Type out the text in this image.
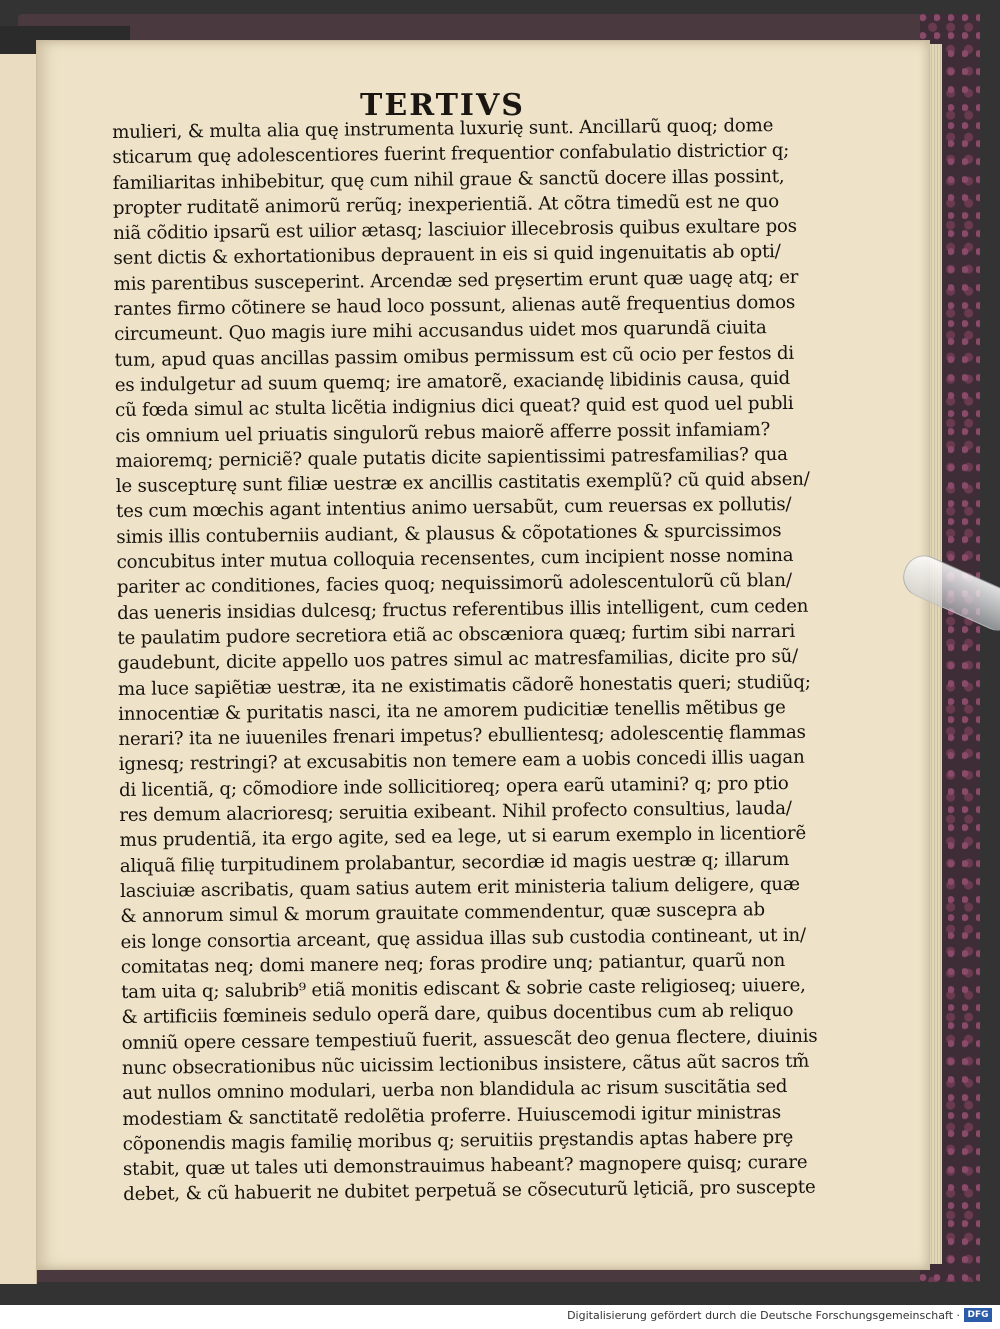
TERTIVS
mulieri, & multa alia quę instrumenta luxurię sunt. Ancillarũ quoq; dome
sticarum quę adolescentiores fuerint frequentior confabulatio districtior q;
familiaritas inhibebitur, quę cum nihil graue & sanctũ docere illas possint,
propter ruditatẽ animorũ rerũq; inexperientiã. At cõtra timedũ est ne quo
niã cõditio ipsarũ est uilior ætasq; lasciuior illecebrosis quibus exultare pos
sent dictis & exhortationibus deprauent in eis si quid ingenuitatis ab opti/
mis parentibus susceperint. Arcendæ sed prȩsertim erunt quæ uagę atq; er
rantes firmo cõtinere se haud loco possunt, alienas autẽ frequentius domos
circumeunt. Quo magis iure mihi accusandus uidet mos quarundã ciuita
tum, apud quas ancillas passim omibus permissum est cũ ocio per festos di
es indulgetur ad suum quemq; ire amatorẽ, exaciandę libidinis causa, quid
cũ fœda simul ac stulta licẽtia indignius dici queat? quid est quod uel publi
cis omnium uel priuatis singulorũ rebus maiorẽ afferre possit infamiam?
maioremq; perniciẽ? quale putatis dicite sapientissimi patresfamilias? qua
le suscepturę sunt filiæ uestræ ex ancillis castitatis exemplũ? cũ quid absen/
tes cum mœchis agant intentius animo uersabũt, cum reuersas ex pollutis/
simis illis contuberniis audiant, & plausus & cõpotationes & spurcissimos
concubitus inter mutua colloquia recensentes, cum incipient nosse nomina
pariter ac conditiones, facies quoq; nequissimorũ adolescentulorũ cũ blan/
das ueneris insidias dulcesq; fructus referentibus illis intelligent, cum ceden
te paulatim pudore secretiora etiã ac obscæniora quæq; furtim sibi narrari
gaudebunt, dicite appello uos patres simul ac matresfamilias, dicite pro sũ/
ma luce sapiẽtiæ uestræ, ita ne existimatis cãdorẽ honestatis queri; studiũq;
innocentiæ & puritatis nasci, ita ne amorem pudicitiæ tenellis mẽtibus ge
nerari? ita ne iuueniles frenari impetus? ebullientesq; adolescentię flammas
ignesq; restringi? at excusabitis non temere eam a uobis concedi illis uagan
di licentiã, q; cõmodiore inde sollicitioreq; opera earũ utamini? q; pro ptio
res demum alacrioresq; seruitia exibeant. Nihil profecto consultius, lauda/
mus prudentiã, ita ergo agite, sed ea lege, ut si earum exemplo in licentiorẽ
aliquã filię turpitudinem prolabantur, secordiæ id magis uestræ q; illarum
lasciuiæ ascribatis, quam satius autem erit ministeria talium deligere, quæ
& annorum simul & morum grauitate commendentur, quæ suscepra ab
eis longe consortia arceant, quę assidua illas sub custodia contineant, ut in/
comitatas neq; domi manere neq; foras prodire unq; patiantur, quarũ non
tam uita q; salubrib⁹ etiã monitis ediscant & sobrie caste religioseq; uiuere,
& artificiis fœmineis sedulo operã dare, quibus docentibus cum ab reliquo
omniũ opere cessare tempestiuũ fuerit, assuescãt deo genua flectere, diuinis
nunc obsecrationibus nũc uicissim lectionibus insistere, cãtus aũt sacros tm̃
aut nullos omnino modulari, uerba non blandidula ac risum suscitãtia sed
modestiam & sanctitatẽ redolẽtia proferre. Huiuscemodi igitur ministras
cõponendis magis familię moribus q; seruitiis prȩstandis aptas habere prȩ
stabit, quæ ut tales uti demonstrauimus habeant? magnopere quisq; curare
debet, & cũ habuerit ne dubitet perpetuã se cõsecuturũ lȩticiã, pro suscepte
Digitalisierung gefördert durch die Deutsche Forschungsgemeinschaft · DFG
